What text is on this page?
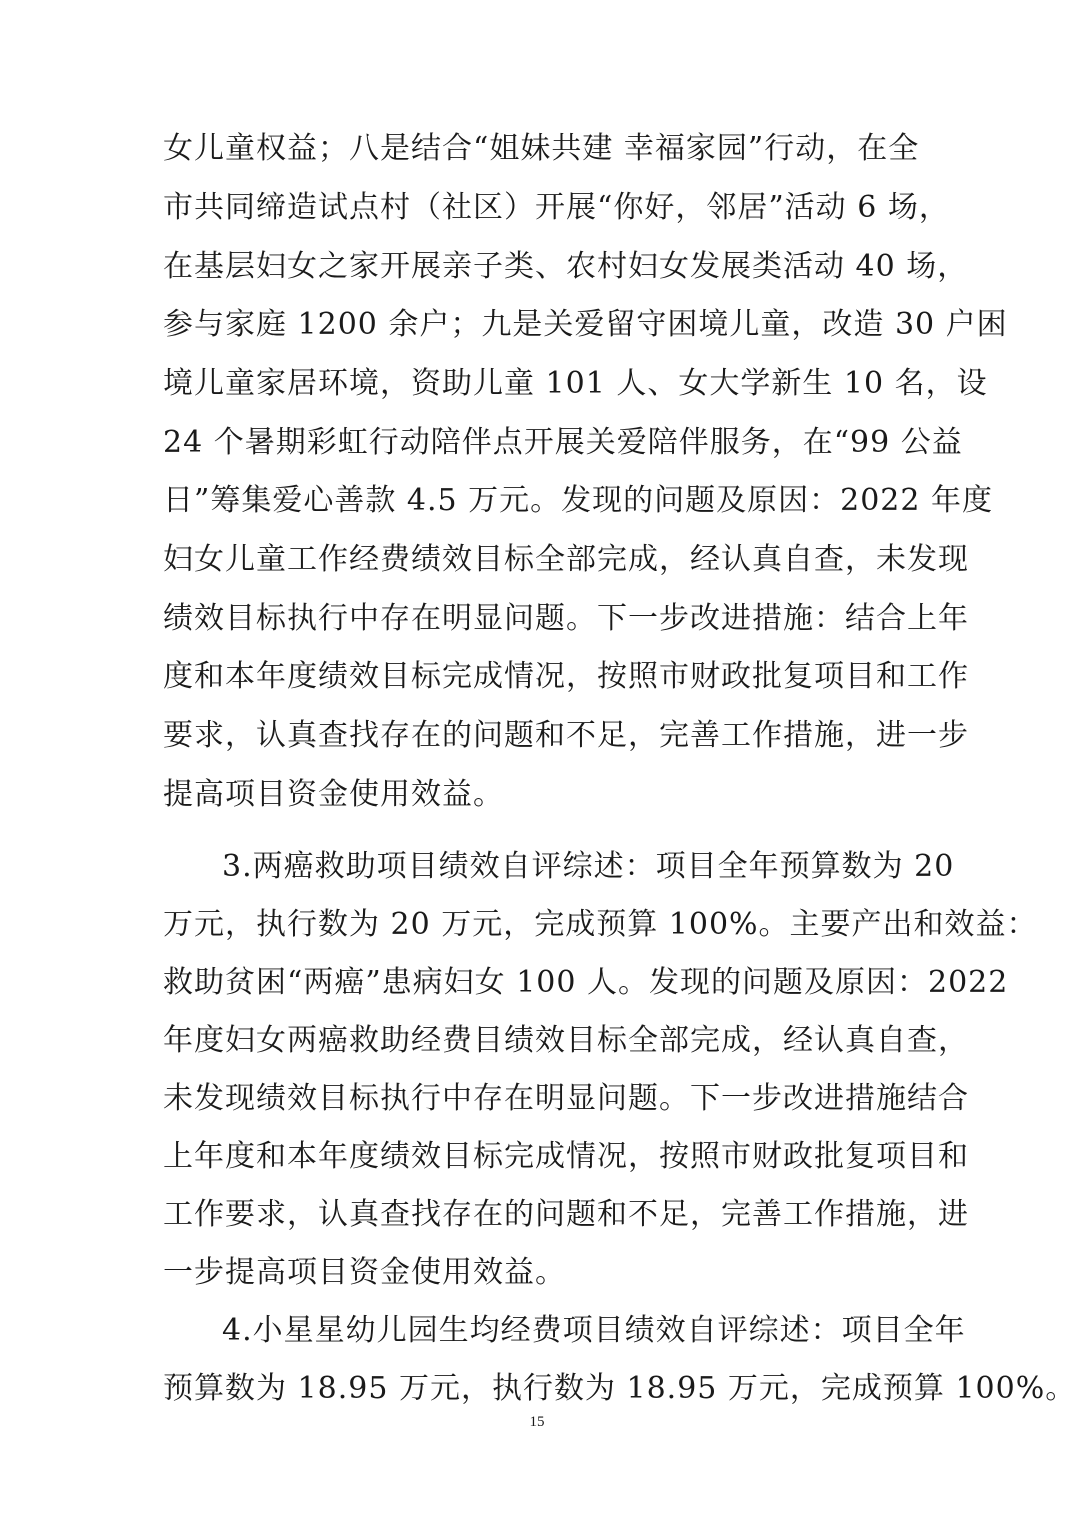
女儿童权益；八是结合“姐妹共建 幸福家园”行动，在全
市共同缔造试点村（社区）开展“你好，邻居”活动 6 场，
在基层妇女之家开展亲子类、农村妇女发展类活动 40 场，
参与家庭 1200 余户；九是关爱留守困境儿童，改造 30 户困
境儿童家居环境，资助儿童 101 人、女大学新生 10 名，设
24 个暑期彩虹行动陪伴点开展关爱陪伴服务，在“99 公益
日”筹集爱心善款 4.5 万元。发现的问题及原因：2022 年度
妇女儿童工作经费绩效目标全部完成，经认真自查，未发现
绩效目标执行中存在明显问题。下一步改进措施：结合上年
度和本年度绩效目标完成情况，按照市财政批复项目和工作
要求，认真查找存在的问题和不足，完善工作措施，进一步
提高项目资金使用效益。
3.两癌救助项目绩效自评综述：项目全年预算数为 20
万元，执行数为 20 万元，完成预算 100%。主要产出和效益：
救助贫困“两癌”患病妇女 100 人。发现的问题及原因：2022
年度妇女两癌救助经费目绩效目标全部完成，经认真自查，
未发现绩效目标执行中存在明显问题。下一步改进措施结合
上年度和本年度绩效目标完成情况，按照市财政批复项目和
工作要求，认真查找存在的问题和不足，完善工作措施，进
一步提高项目资金使用效益。
4.小星星幼儿园生均经费项目绩效自评综述：项目全年
预算数为 18.95 万元，执行数为 18.95 万元，完成预算 100%。
15
